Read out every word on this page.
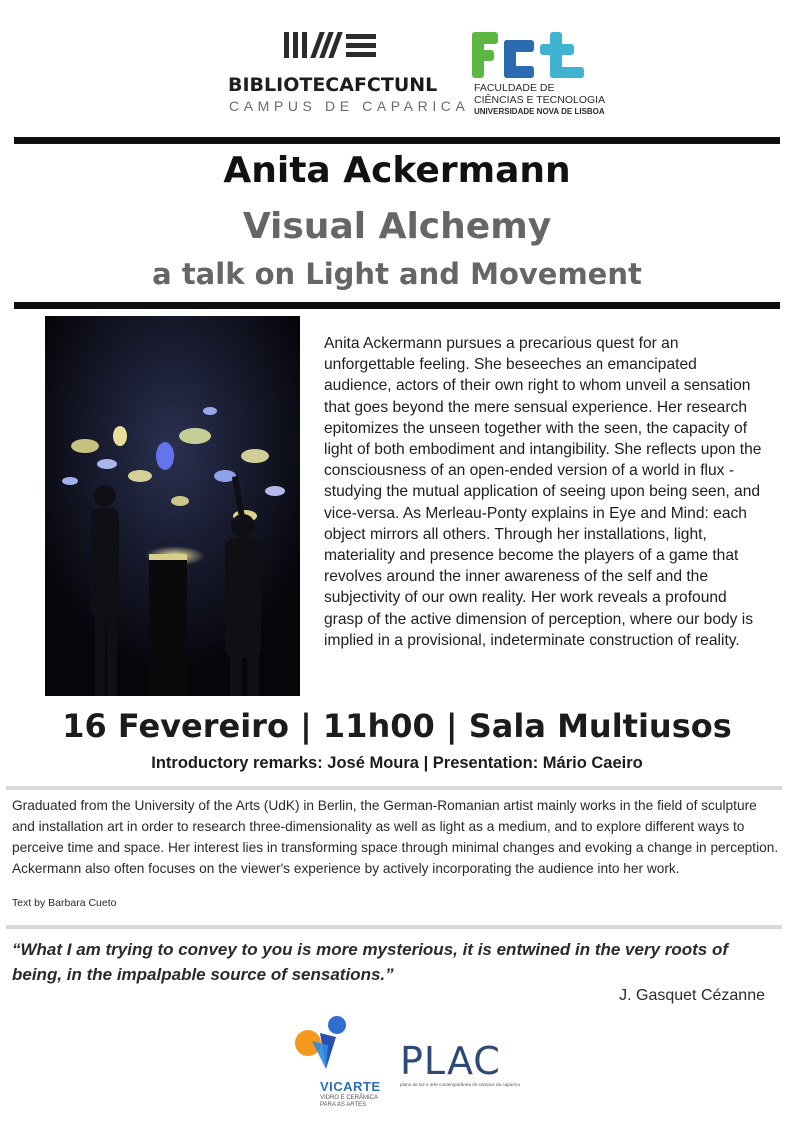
BIBLIOTECAFCTUNL
CAMPUS DE CAPARICA
FCt
FACULDADE DE
CIÊNCIAS E TECNOLOGIA
UNIVERSIDADE NOVA DE LISBOA
Anita Ackermann
Visual Alchemy
a talk on Light and Movement
Anita Ackermann pursues a precarious quest for an unforgettable feeling. She beseeches an emancipated audience, actors of their own right to whom unveil a sensation that goes beyond the mere sensual experience. Her research epitomizes the unseen together with the seen, the capacity of light of both embodiment and intangibility. She reflects upon the consciousness of an open-ended version of a world in flux - studying the mutual application of seeing upon being seen, and vice-versa. As Merleau-Ponty explains in Eye and Mind: each object mirrors all others. Through her installations, light, materiality and presence become the players of a game that revolves around the inner awareness of the self and the subjectivity of our own reality. Her work reveals a profound grasp of the active dimension of perception, where our body is implied in a provisional, indeterminate construction of reality.
16 Fevereiro | 11h00 | Sala Multiusos
Introductory remarks: José Moura | Presentation: Mário Caeiro
Graduated from the University of the Arts (UdK) in Berlin, the German-Romanian artist mainly works in the field of sculpture and installation art in order to research three-dimensionality as well as light as a medium, and to explore different ways to perceive time and space. Her interest lies in transforming space through minimal changes and evoking a change in perception. Ackermann also often focuses on the viewer's experience by actively incorporating the audience into her work.
Text by Barbara Cueto
“What I am trying to convey to you is more mysterious, it is entwined in the very roots of being, in the impalpable source of sensations.”
J. Gasquet Cézanne
VICARTE
VIDRO E CERÂMICA
PARA AS ARTES
PLAC
plano de luz e arte contemporânea do campus da caparica
